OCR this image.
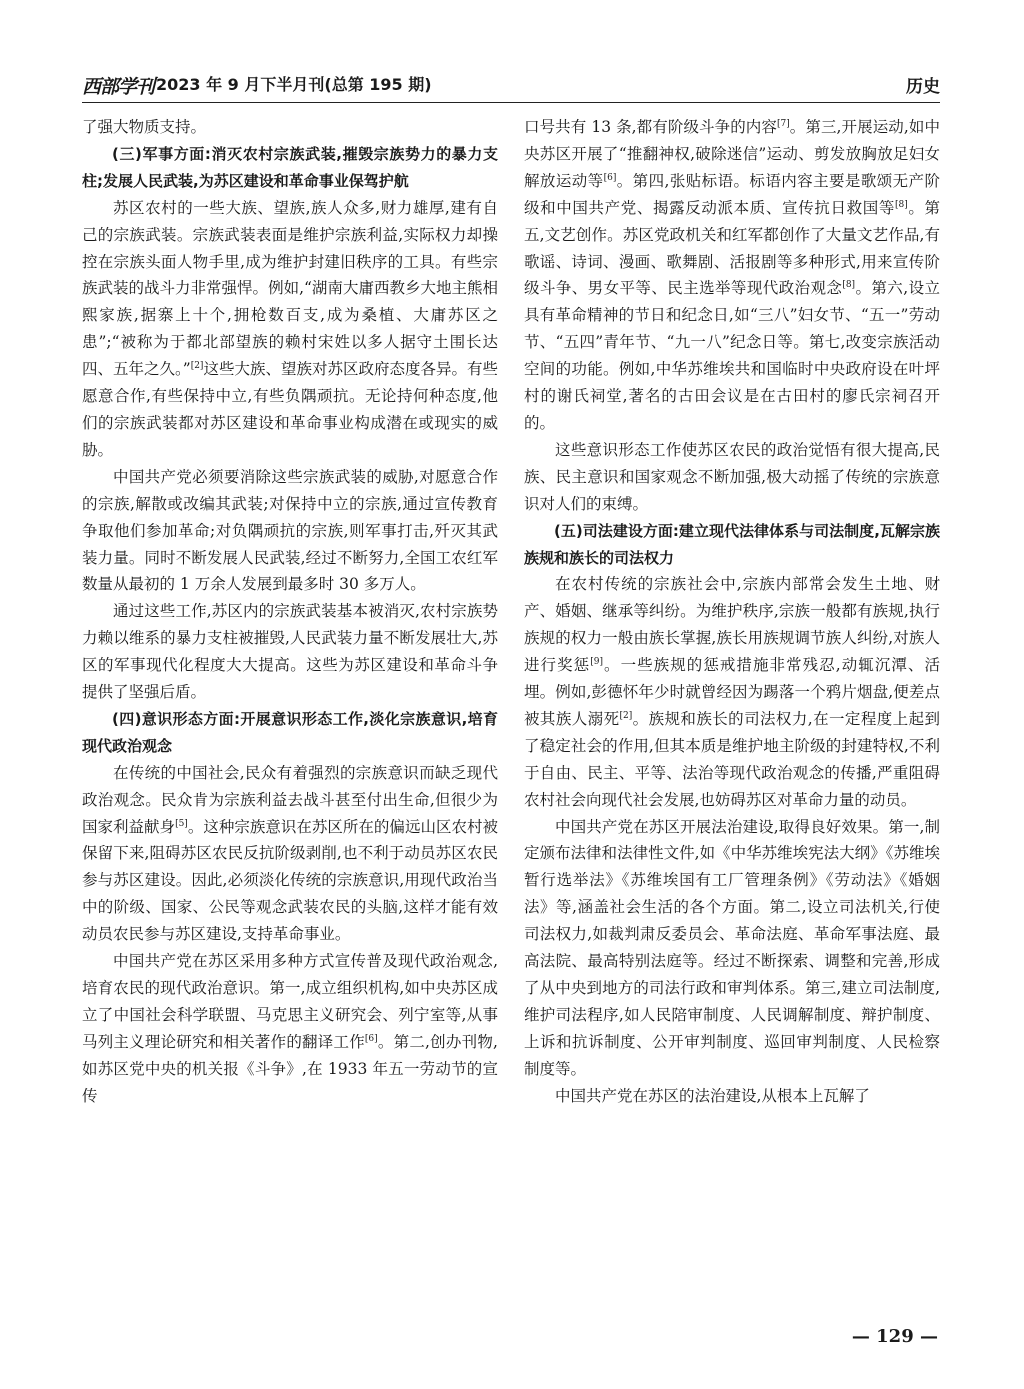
西部学刊 2023 年 9 月下半月刊(总第 195 期)	历史

了强大物质支持。

(三)军事方面:消灭农村宗族武装,摧毁宗族势力的暴力支柱;发展人民武装,为苏区建设和革命事业保驾护航

苏区农村的一些大族、望族,族人众多,财力雄厚,建有自己的宗族武装。宗族武装表面是维护宗族利益,实际权力却操控在宗族头面人物手里,成为维护封建旧秩序的工具。有些宗族武装的战斗力非常强悍。例如,“湖南大庸西教乡大地主熊相熙家族,据寨上十个,拥枪数百支,成为桑植、大庸苏区之患”;“被称为于都北部望族的赖村宋姓以多人据守土围长达四、五年之久。”[2]这些大族、望族对苏区政府态度各异。有些愿意合作,有些保持中立,有些负隅顽抗。无论持何种态度,他们的宗族武装都对苏区建设和革命事业构成潜在或现实的威胁。

中国共产党必须要消除这些宗族武装的威胁,对愿意合作的宗族,解散或改编其武装;对保持中立的宗族,通过宣传教育争取他们参加革命;对负隅顽抗的宗族,则军事打击,歼灭其武装力量。同时不断发展人民武装,经过不断努力,全国工农红军数量从最初的 1 万余人发展到最多时 30 多万人。

通过这些工作,苏区内的宗族武装基本被消灭,农村宗族势力赖以维系的暴力支柱被摧毁,人民武装力量不断发展壮大,苏区的军事现代化程度大大提高。这些为苏区建设和革命斗争提供了坚强后盾。

(四)意识形态方面:开展意识形态工作,淡化宗族意识,培育现代政治观念

在传统的中国社会,民众有着强烈的宗族意识而缺乏现代政治观念。民众肯为宗族利益去战斗甚至付出生命,但很少为国家利益献身[5]。这种宗族意识在苏区所在的偏远山区农村被保留下来,阻碍苏区农民反抗阶级剥削,也不利于动员苏区农民参与苏区建设。因此,必须淡化传统的宗族意识,用现代政治当中的阶级、国家、公民等观念武装农民的头脑,这样才能有效动员农民参与苏区建设,支持革命事业。

中国共产党在苏区采用多种方式宣传普及现代政治观念,培育农民的现代政治意识。第一,成立组织机构,如中央苏区成立了中国社会科学联盟、马克思主义研究会、列宁室等,从事马列主义理论研究和相关著作的翻译工作[6]。第二,创办刊物,如苏区党中央的机关报《斗争》,在 1933 年五一劳动节的宣传

口号共有 13 条,都有阶级斗争的内容[7]。第三,开展运动,如中央苏区开展了“推翻神权,破除迷信”运动、剪发放胸放足妇女解放运动等[6]。第四,张贴标语。标语内容主要是歌颂无产阶级和中国共产党、揭露反动派本质、宣传抗日救国等[8]。第五,文艺创作。苏区党政机关和红军都创作了大量文艺作品,有歌谣、诗词、漫画、歌舞剧、活报剧等多种形式,用来宣传阶级斗争、男女平等、民主选举等现代政治观念[8]。第六,设立具有革命精神的节日和纪念日,如“三八”妇女节、“五一”劳动节、“五四”青年节、“九一八”纪念日等。第七,改变宗族活动空间的功能。例如,中华苏维埃共和国临时中央政府设在叶坪村的谢氏祠堂,著名的古田会议是在古田村的廖氏宗祠召开的。

这些意识形态工作使苏区农民的政治觉悟有很大提高,民族、民主意识和国家观念不断加强,极大动摇了传统的宗族意识对人们的束缚。

(五)司法建设方面:建立现代法律体系与司法制度,瓦解宗族族规和族长的司法权力

在农村传统的宗族社会中,宗族内部常会发生土地、财产、婚姻、继承等纠纷。为维护秩序,宗族一般都有族规,执行族规的权力一般由族长掌握,族长用族规调节族人纠纷,对族人进行奖惩[9]。一些族规的惩戒措施非常残忍,动辄沉潭、活埋。例如,彭德怀年少时就曾经因为踢落一个鸦片烟盘,便差点被其族人溺死[2]。族规和族长的司法权力,在一定程度上起到了稳定社会的作用,但其本质是维护地主阶级的封建特权,不利于自由、民主、平等、法治等现代政治观念的传播,严重阻碍农村社会向现代社会发展,也妨碍苏区对革命力量的动员。

中国共产党在苏区开展法治建设,取得良好效果。第一,制定颁布法律和法律性文件,如《中华苏维埃宪法大纲》《苏维埃暂行选举法》《苏维埃国有工厂管理条例》《劳动法》《婚姻法》等,涵盖社会生活的各个方面。第二,设立司法机关,行使司法权力,如裁判肃反委员会、革命法庭、革命军事法庭、最高法院、最高特别法庭等。经过不断探索、调整和完善,形成了从中央到地方的司法行政和审判体系。第三,建立司法制度,维护司法程序,如人民陪审制度、人民调解制度、辩护制度、上诉和抗诉制度、公开审判制度、巡回审判制度、人民检察制度等。

中国共产党在苏区的法治建设,从根本上瓦解了

— 129 —
